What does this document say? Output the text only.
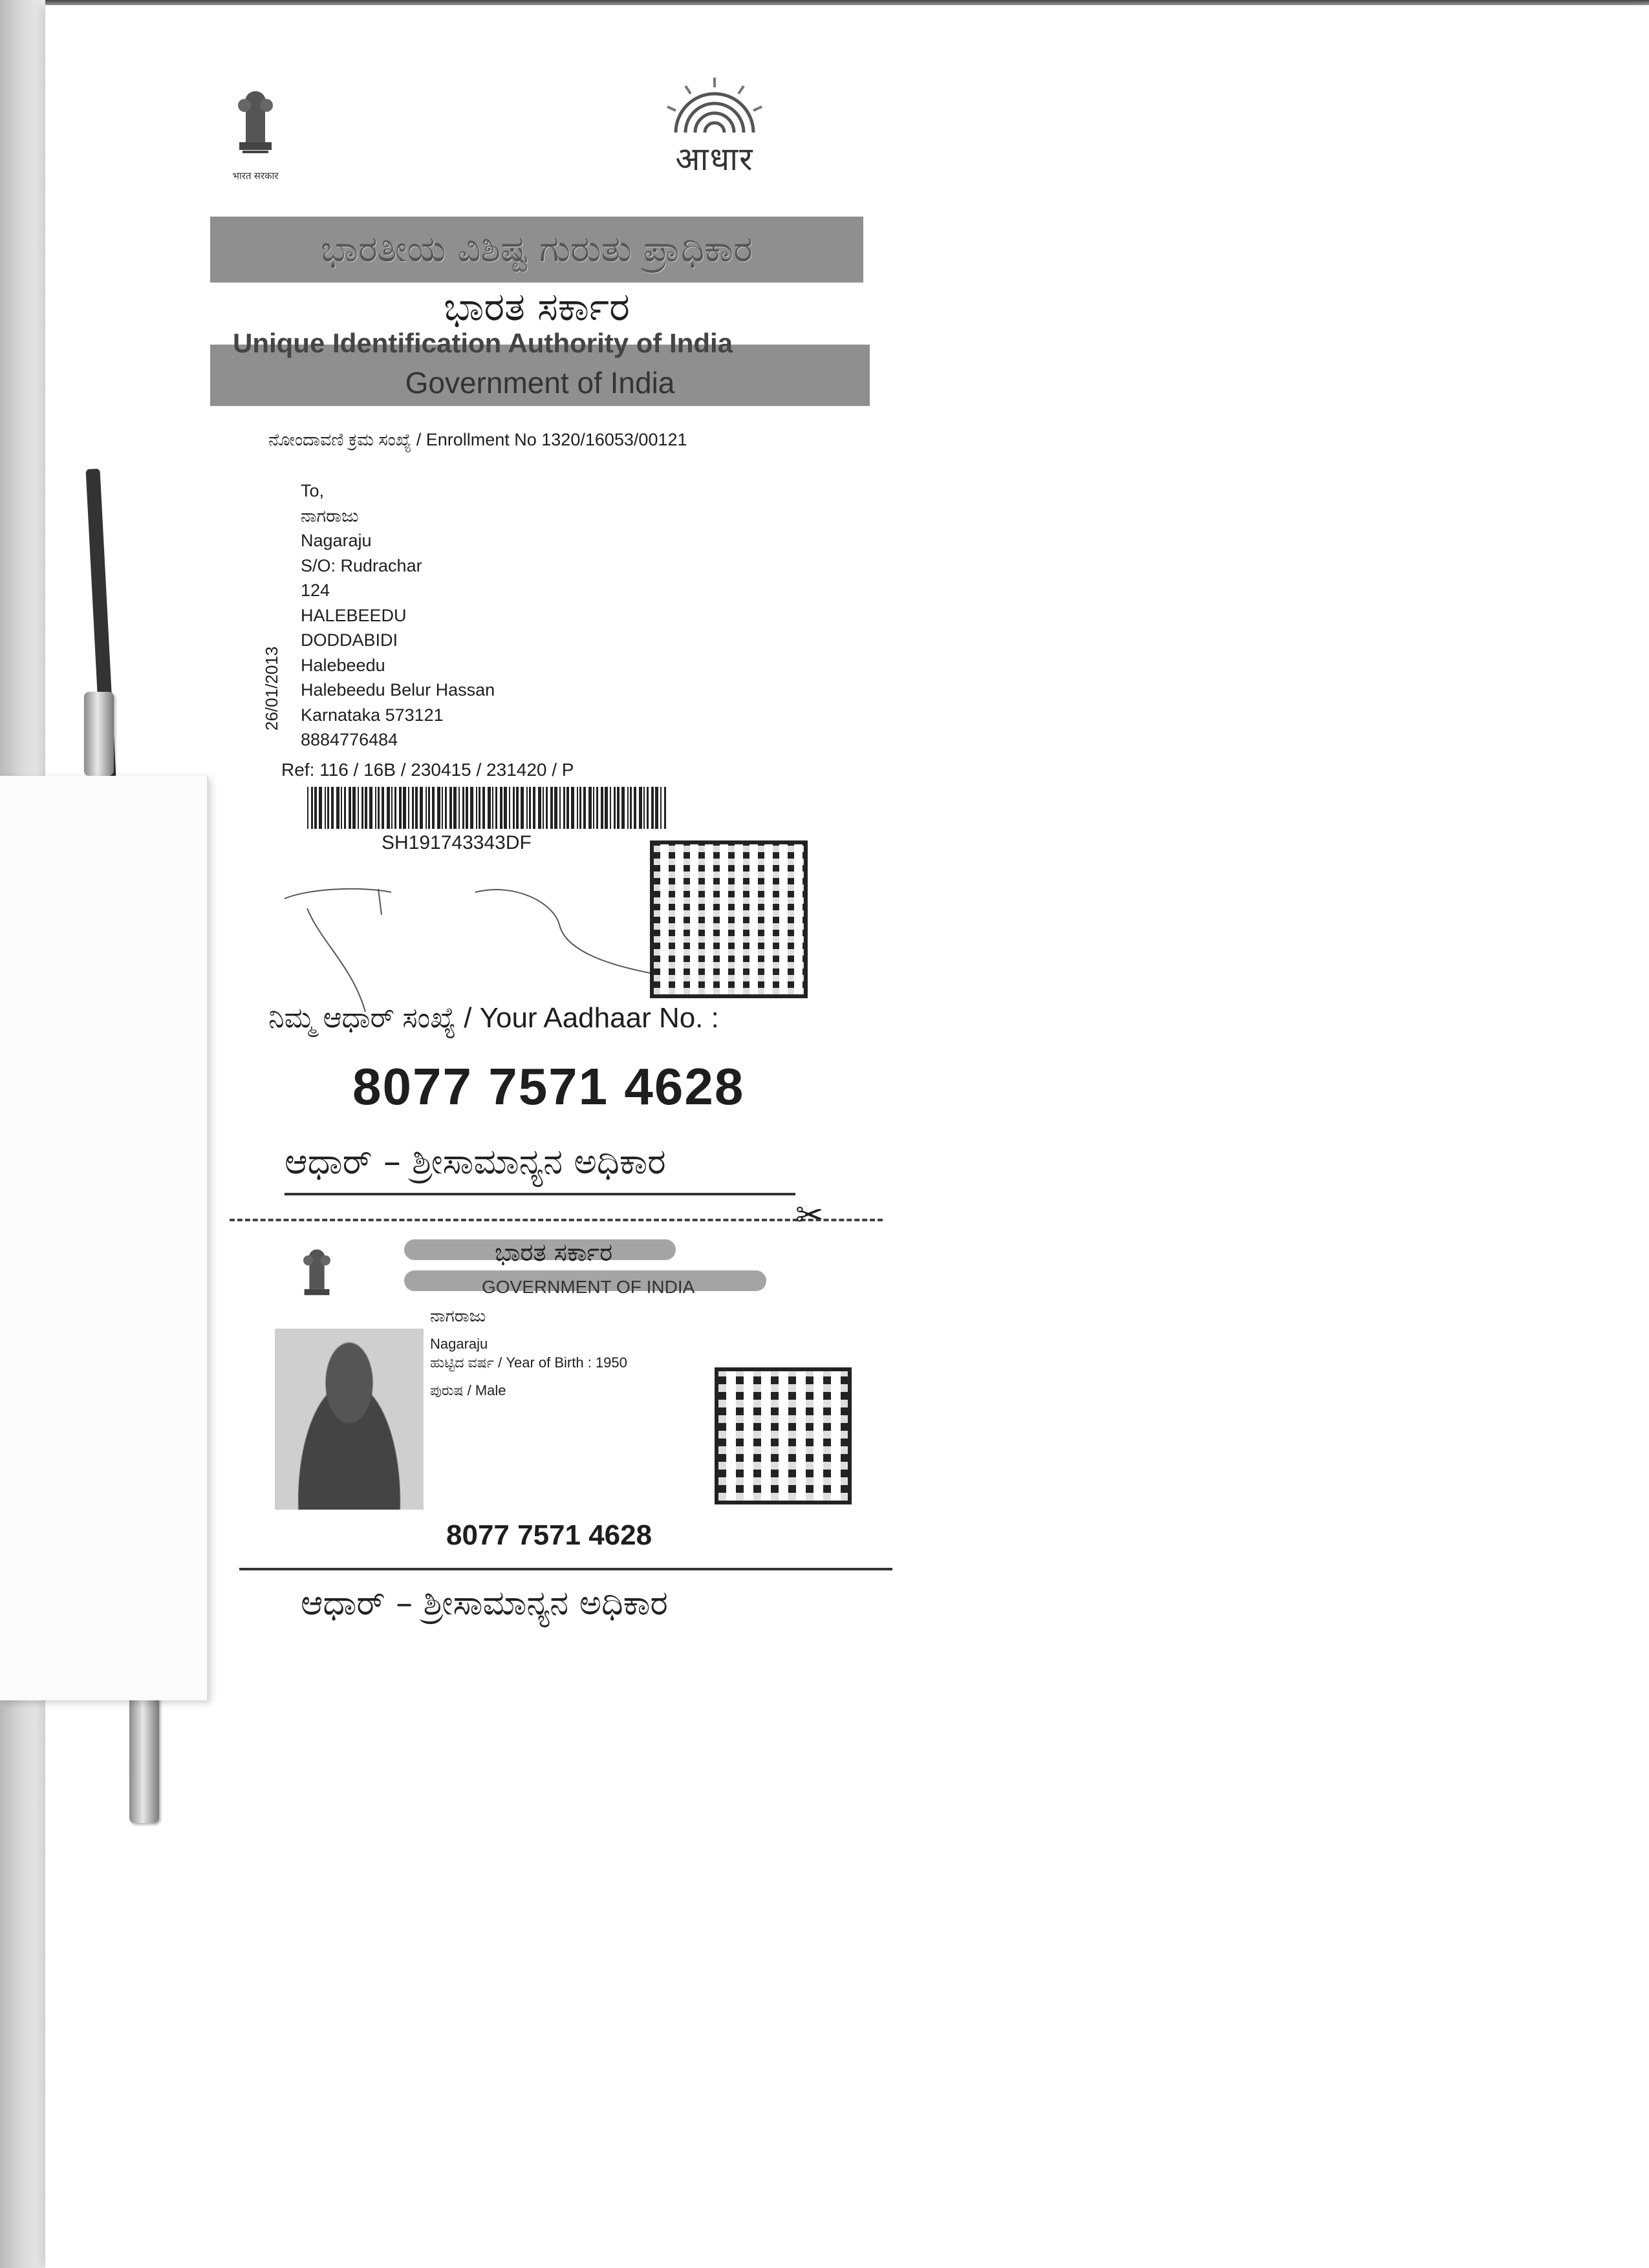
भारत सरकार	आधार
ಭಾರತೀಯ ವಿಶಿಷ್ಟ ಗುರುತು ಪ್ರಾಧಿಕಾರ
ಭಾರತ ಸರ್ಕಾರ
Unique Identification Authority of India
Government of India
ನೋಂದಾವಣಿ ಕ್ರಮ ಸಂಖ್ಯೆ / Enrollment No 1320/16053/00121
To,
ನಾಗರಾಜು
Nagaraju
S/O: Rudrachar
124
HALEBEEDU
DODDABIDI
Halebeedu
Halebeedu Belur Hassan
Karnataka 573121
8884776484
26/01/2013
Ref: 116 / 16B / 230415 / 231420 / P
SH191743343DF
ನಿಮ್ಮ ಆಧಾರ್ ಸಂಖ್ಯೆ / Your Aadhaar No. :
8077 7571 4628
ಆಧಾರ್ – ಶ್ರೀಸಾಮಾನ್ಯನ ಅಧಿಕಾರ
✂
ಭಾರತ ಸರ್ಕಾರ
GOVERNMENT OF INDIA
ನಾಗರಾಜು
Nagaraju
ಹುಟ್ಟಿದ ವರ್ಷ / Year of Birth : 1950
ಪುರುಷ / Male
8077 7571 4628
ಆಧಾರ್ – ಶ್ರೀಸಾಮಾನ್ಯನ ಅಧಿಕಾರ
